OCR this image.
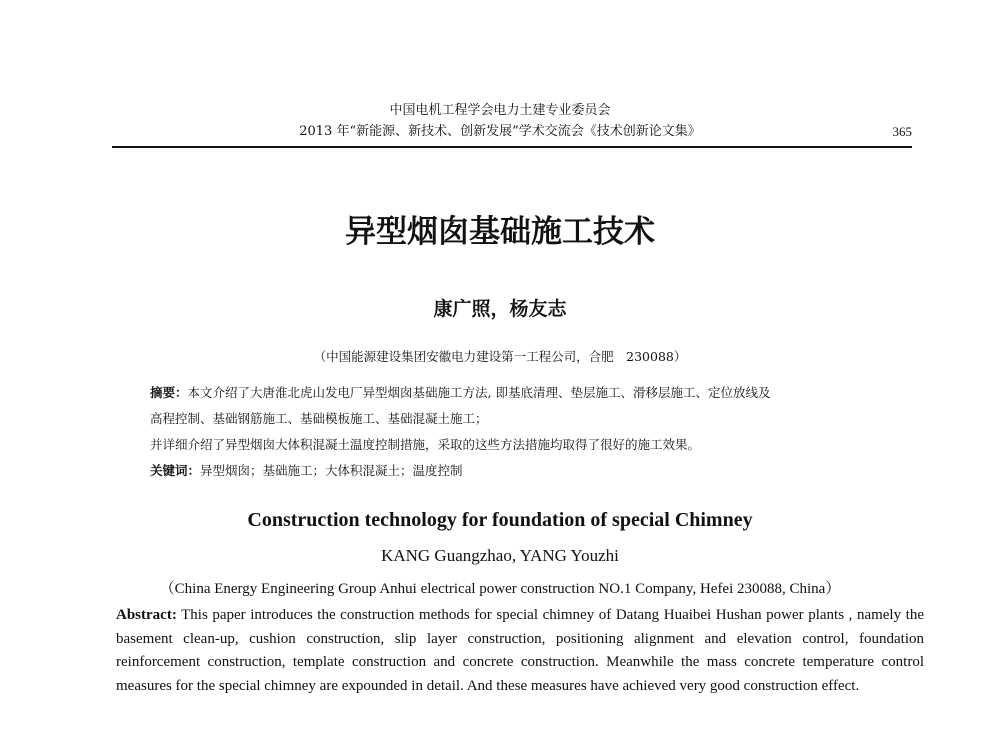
中国电机工程学会电力土建专业委员会
2013 年“新能源、新技术、创新发展”学术交流会《技术创新论文集》	365
异型烟囱基础施工技术
康广照，杨友志
（中国能源建设集团安徽电力建设第一工程公司，合肥　230088）
摘要：本文介绍了大唐淮北虎山发电厂异型烟囱基础施工方法, 即基底清理、垫层施工、滑移层施工、定位放线及
高程控制、基础钢筋施工、基础模板施工、基础混凝土施工；
并详细介绍了异型烟囱大体积混凝土温度控制措施，采取的这些方法措施均取得了很好的施工效果。
关键词：异型烟囱；基础施工；大体积混凝土；温度控制
Construction technology for foundation of special Chimney
KANG Guangzhao, YANG Youzhi
（China Energy Engineering Group Anhui electrical power construction NO.1 Company, Hefei 230088, China）
Abstract: This paper introduces the construction methods for special chimney of Datang Huaibei Hushan power plants , namely the basement clean-up, cushion construction, slip layer construction, positioning alignment and elevation control, foundation reinforcement construction, template construction and concrete construction. Meanwhile the mass concrete temperature control measures for the special chimney are expounded in detail. And these measures have achieved very good construction effect.
